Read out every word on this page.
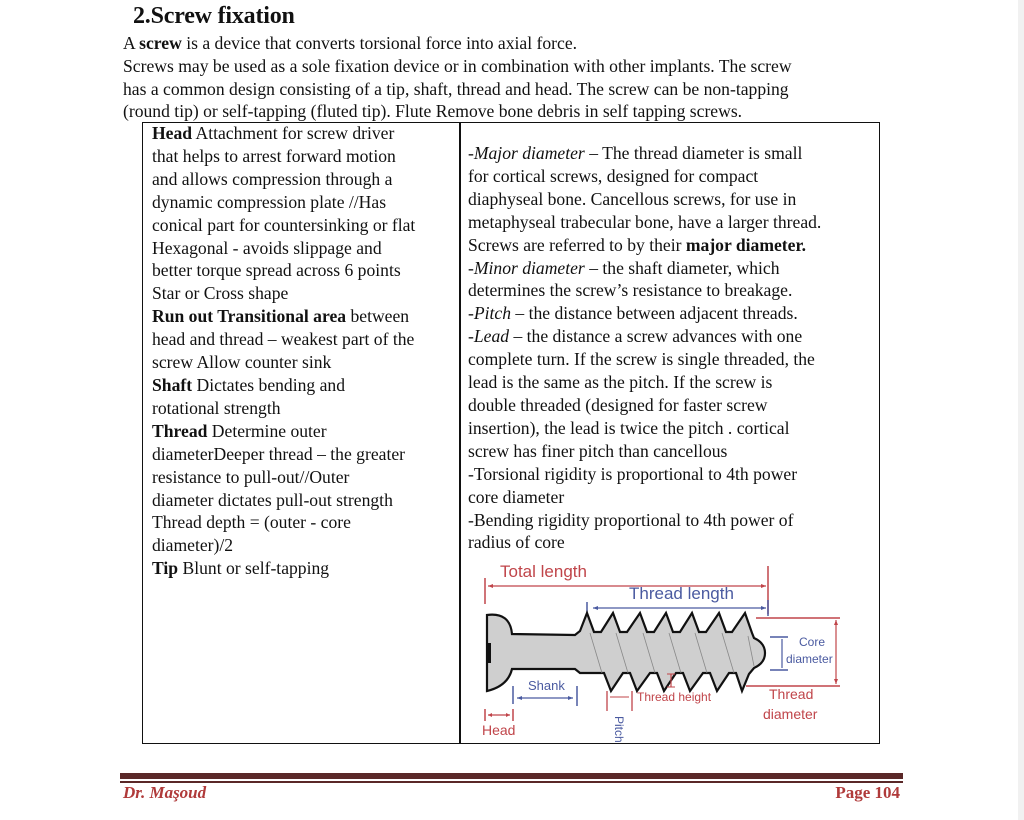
2.Screw fixation

A screw is a device that converts torsional force into axial force.

Screws may be used as a sole fixation device or in combination with other implants. The screw

has a common design consisting of a tip, shaft, thread and head. The screw can be non-tapping

(round tip) or self-tapping (fluted tip). Flute Remove bone debris in self tapping screws.

Head Attachment for screw driver
that helps to arrest forward motion
and allows compression through a
dynamic compression plate //Has
conical part for countersinking or flat
Hexagonal - avoids slippage and
better torque spread across 6 points
Star or Cross shape
Run out Transitional area between
head and thread – weakest part of the
screw Allow counter sink
Shaft Dictates bending and
rotational strength
Thread Determine outer
diameterDeeper thread – the greater
resistance to pull-out//Outer
diameter dictates pull-out strength
Thread depth = (outer - core
diameter)/2
Tip Blunt or self-tapping
-Major diameter – The thread diameter is small
for cortical screws, designed for compact
diaphyseal bone. Cancellous screws, for use in
metaphyseal trabecular bone, have a larger thread.
Screws are referred to by their major diameter.
-Minor diameter – the shaft diameter, which
determines the screw’s resistance to breakage.
-Pitch – the distance between adjacent threads.
-Lead – the distance a screw advances with one
complete turn. If the screw is single threaded, the
lead is the same as the pitch. If the screw is
double threaded (designed for faster screw
insertion), the lead is twice the pitch . cortical
screw has finer pitch than cancellous
-Torsional rigidity is proportional to 4th power
core diameter
-Bending rigidity proportional to 4th power of
radius of core
Total length
Thread length
Core
diameter
Shank
Thread height	Thread
diameter
Head	Pitch
Dr. Maşoud	Page 104
